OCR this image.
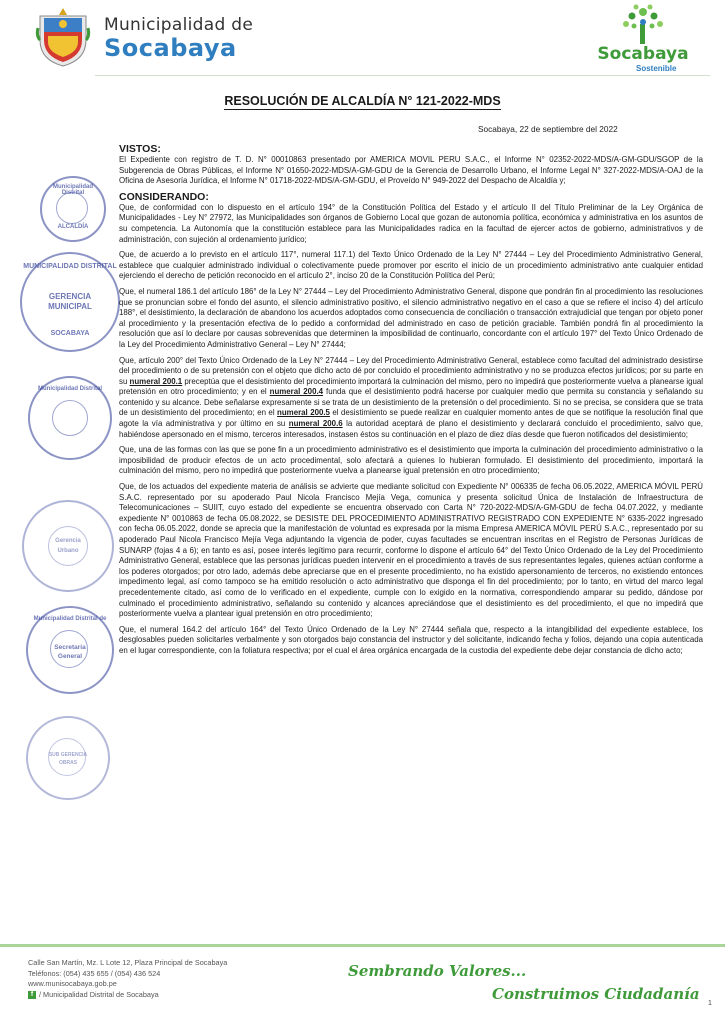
Municipalidad de
Socabaya	Socabaya
Sostenible
RESOLUCIÓN DE ALCALDÍA N° 121-2022-MDS
Socabaya, 22 de septiembre del 2022
Municipalidad Distrital
ALCALDÍA
MUNICIPALIDAD DISTRITAL
GERENCIA
MUNICIPAL
SOCABAYA
Municipalidad Distrital
Gerencia
Urbano
Municipalidad Distrital de
Secretaría
General
SUB GERENCIA
OBRAS

VISTOS:

El Expediente con registro de T. D. N° 00010863 presentado por AMERICA MOVIL PERU S.A.C., el Informe N° 02352-2022-MDS/A-GM-GDU/SGOP de la Subgerencia de Obras Públicas, el Informe N° 01650-2022-MDS/A-GM-GDU de la Gerencia de Desarrollo Urbano, el Informe Legal N° 327-2022-MDS/A-OAJ de la Oficina de Asesoría Jurídica, el Informe N° 01718-2022-MDS/A-GM-GDU, el Proveído N° 949-2022 del Despacho de Alcaldía y;

CONSIDERANDO:

Que, de conformidad con lo dispuesto en el artículo 194° de la Constitución Política del Estado y el artículo II del Título Preliminar de la Ley Orgánica de Municipalidades - Ley N° 27972, las Municipalidades son órganos de Gobierno Local que gozan de autonomía política, económica y administrativa en los asuntos de su competencia. La Autonomía que la constitución establece para las Municipalidades radica en la facultad de ejercer actos de gobierno, administrativos y de administración, con sujeción al ordenamiento jurídico;

Que, de acuerdo a lo previsto en el artículo 117°, numeral 117.1) del Texto Único Ordenado de la Ley N° 27444 – Ley del Procedimiento Administrativo General, establece que cualquier administrado individual o colectivamente puede promover por escrito el inicio de un procedimiento administrativo ante cualquier entidad ejerciendo el derecho de petición reconocido en el artículo 2°, inciso 20 de la Constitución Política del Perú;

Que, el numeral 186.1 del artículo 186° de la Ley N° 27444 – Ley del Procedimiento Administrativo General, dispone que pondrán fin al procedimiento las resoluciones que se pronuncian sobre el fondo del asunto, el silencio administrativo positivo, el silencio administrativo negativo en el caso a que se refiere el inciso 4) del artículo 188°, el desistimiento, la declaración de abandono los acuerdos adoptados como consecuencia de conciliación o transacción extrajudicial que tengan por objeto poner al procedimiento y la presentación efectiva de lo pedido a conformidad del administrado en caso de petición graciable. También pondrá fin al procedimiento la resolución que así lo declare por causas sobrevenidas que determinen la imposibilidad de continuarlo, concordante con el artículo 197° del Texto Único Ordenado de la Ley del Procedimiento Administrativo General – Ley N° 27444;

Que, artículo 200° del Texto Único Ordenado de la Ley N° 27444 – Ley del Procedimiento Administrativo General, establece como facultad del administrado desistirse del procedimiento o de su pretensión con el objeto que dicho acto dé por concluido el procedimiento administrativo y no se produzca efectos jurídicos; por su parte en su numeral 200.1 preceptúa que el desistimiento del procedimiento importará la culminación del mismo, pero no impedirá que posteriormente vuelva a planearse igual pretensión en otro procedimiento; y en el numeral 200.4 funda que el desistimiento podrá hacerse por cualquier medio que permita su constancia y señalando su contenido y su alcance. Debe señalarse expresamente si se trata de un desistimiento de la pretensión o del procedimiento. Si no se precisa, se considera que se trata de un desistimiento del procedimiento; en el numeral 200.5 el desistimiento se puede realizar en cualquier momento antes de que se notifique la resolución final que agote la vía administrativa y por último en su numeral 200.6 la autoridad aceptará de plano el desistimiento y declarará concluido el procedimiento, salvo que, habiéndose apersonado en el mismo, terceros interesados, instasen éstos su continuación en el plazo de diez días desde que fueron notificados del desistimiento;

Que, una de las formas con las que se pone fin a un procedimiento administrativo es el desistimiento que importa la culminación del procedimiento administrativo o la imposibilidad de producir efectos de un acto procedimental, solo afectará a quienes lo hubieran formulado. El desistimiento del procedimiento, importará la culminación del mismo, pero no impedirá que posteriormente vuelva a planearse igual pretensión en otro procedimiento;

Que, de los actuados del expediente materia de análisis se advierte que mediante solicitud con Expediente N° 006335 de fecha 06.05.2022, AMERICA MÓVIL PERÚ S.A.C. representado por su apoderado Paul Nicola Francisco Mejía Vega, comunica y presenta solicitud Única de Instalación de Infraestructura de Telecomunicaciones – SUIIT, cuyo estado del expediente se encuentra observado con Carta N° 720-2022-MDS/A-GM-GDU de fecha 04.07.2022, y mediante expediente N° 0010863 de fecha 05.08.2022, se DESISTE DEL PROCEDIMIENTO ADMINISTRATIVO REGISTRADO CON EXPEDIENTE N° 6335-2022 ingresado con fecha 06.05.2022, donde se aprecia que la manifestación de voluntad es expresada por la misma Empresa AMERICA MÓVIL PERÚ S.A.C., representado por su apoderado Paul Nicola Francisco Mejía Vega adjuntando la vigencia de poder, cuyas facultades se encuentran inscritas en el Registro de Personas Jurídicas de SUNARP (fojas 4 a 6); en tanto es así, posee interés legítimo para recurrir, conforme lo dispone el artículo 64° del Texto Único Ordenado de la Ley del Procedimiento Administrativo General, establece que las personas jurídicas pueden intervenir en el procedimiento a través de sus representantes legales, quienes actúan conforme a los poderes otorgados; por otro lado, además debe apreciarse que en el presente procedimiento, no ha existido apersonamiento de terceros, no existiendo entonces impedimento legal, así como tampoco se ha emitido resolución o acto administrativo que disponga el fin del procedimiento; por lo tanto, en virtud del marco legal precedentemente citado, así como de lo verificado en el expediente, cumple con lo exigido en la normativa, correspondiendo amparar su pedido, dándose por culminado el procedimiento administrativo, señalando su contenido y alcances apreciándose que el desistimiento es del procedimiento, el que no impedirá que posteriormente vuelva a plantear igual pretensión en otro procedimiento;

Que, el numeral 164.2 del artículo 164° del Texto Único Ordenado de la Ley N° 27444 señala que, respecto a la intangibilidad del expediente establece, los desglosables pueden solicitarles verbalmente y son otorgados bajo constancia del instructor y del solicitante, indicando fecha y folios, dejando una copia autenticada en el lugar correspondiente, con la foliatura respectiva; por el cual el área orgánica encargada de la custodia del expediente debe dejar constancia de dicho acto;

Calle San Martín, Mz. L Lote 12, Plaza Principal de Socabaya
Teléfonos: (054) 435 655 / (054) 436 524
www.munisocabaya.gob.pe
f / Municipalidad Distrital de Socabaya
Sembrando Valores...
Construimos Ciudadanía
1
